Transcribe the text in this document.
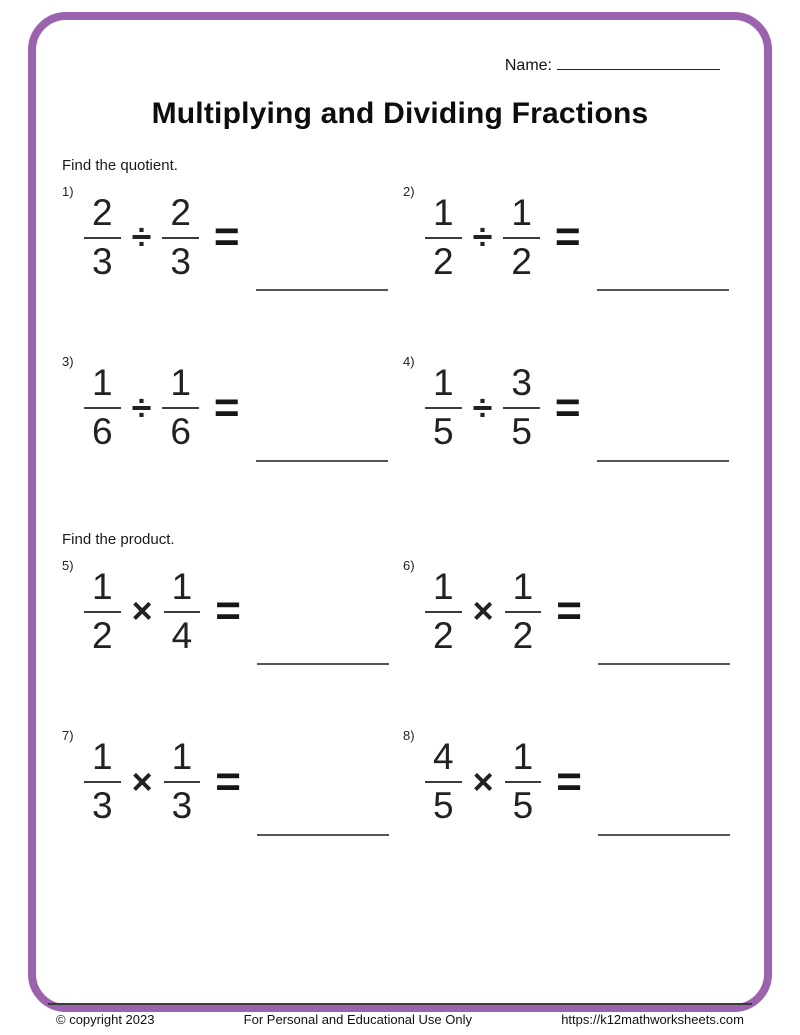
Name:
Multiplying and Dividing Fractions
Find the quotient.
1)
$\frac{2}{3} \div \frac{2}{3}$ =
2)
$\frac{1}{2} \div \frac{1}{2}$ =
3)
$\frac{1}{6} \div \frac{1}{6}$ =
4)
$\frac{1}{5} \div \frac{3}{5}$ =
Find the product.
5)
$\frac{1}{2} \times \frac{1}{4}$ =
6)
$\frac{1}{2} \times \frac{1}{2}$ =
7)
$\frac{1}{3} \times \frac{1}{3}$ =
8)
$\frac{4}{5} \times \frac{1}{5}$ =
© copyright 2023	For Personal and Educational Use Only	https://k12mathworksheets.com
